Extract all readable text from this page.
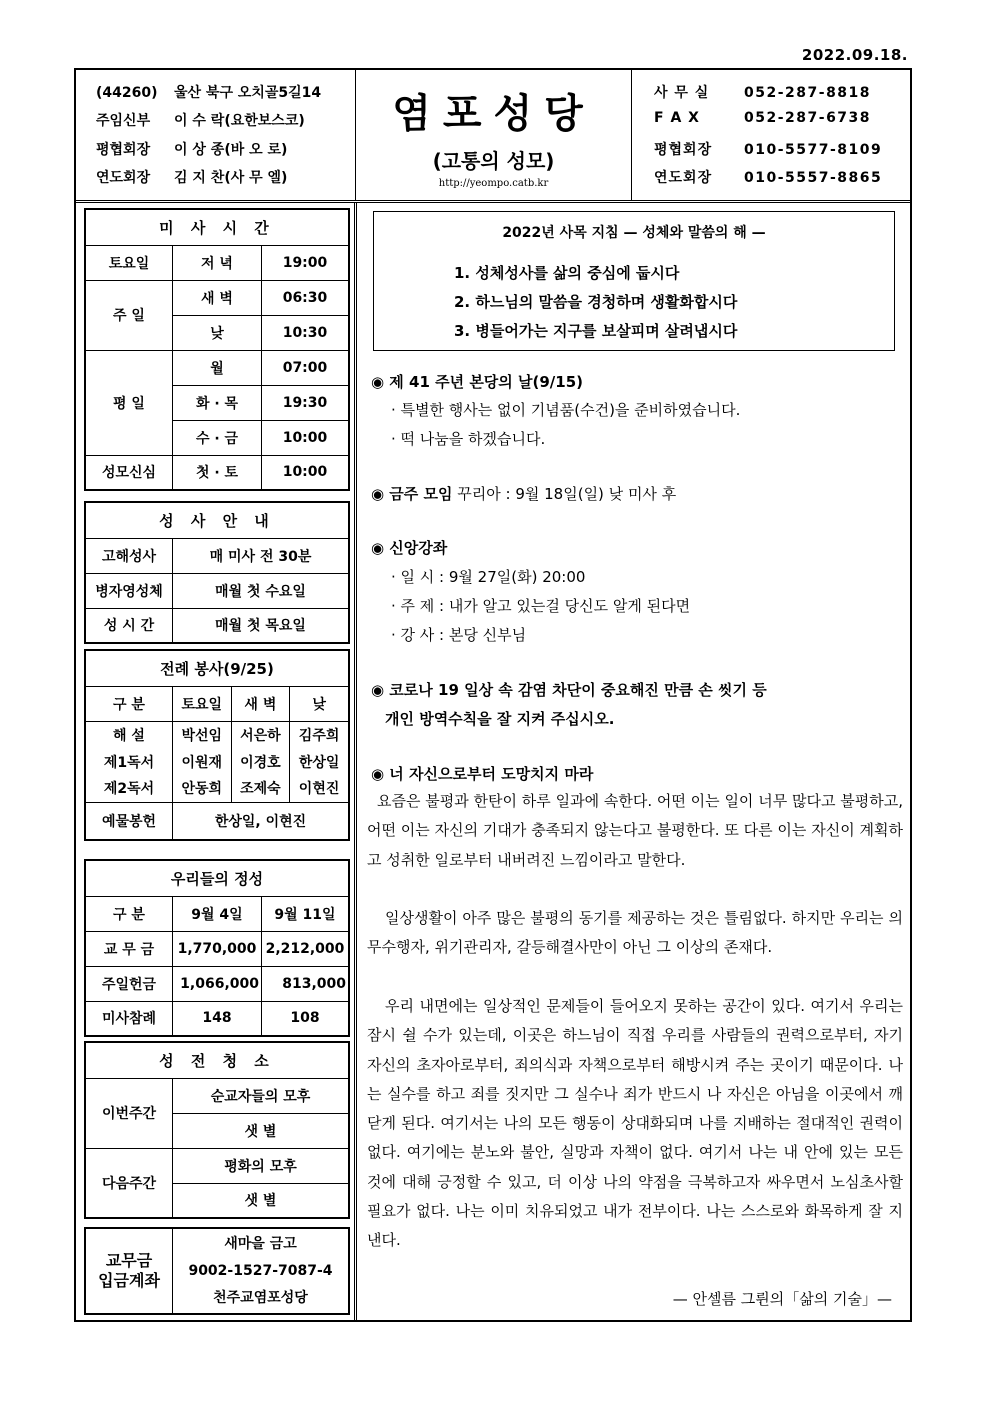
2022.09.18.
(44260) 울산 북구 오치골5길14
주임신부 이 수 락(요한보스코)
평협회장 이 상 종(바 오 로)
연도회장 김 지 찬(사 무 엘)
염포성당
(고통의 성모)
http://yeompo.catb.kr
사 무 실 052-287-8818
F A X	052-287-6738
평협회장 010-5577-8109
연도회장 010-5557-8865
미 사 시 간		
토요일	저 녁	19:00
주 일	새 벽	06:30
	낮	10:30
평 일	월	07:00
	화 · 목	19:30
	수 · 금	10:00
성모신심	첫 · 토	10:00
성 사 안 내	
고해성사	매 미사 전 30분
병자영성체	매월 첫 수요일
성 시 간	매월 첫 목요일
전례 봉사(9/25)			
구 분	토요일	새 벽	낮
해 설	박선임	서은하	김주희
제1독서	이원재	이경호	한상일
제2독서	안동희	조제숙	이현진
예물봉헌	한상일, 이현진		
우리들의 정성		
구 분	9월 4일	9월 11일
교 무 금	1,770,000	2,212,000
주일헌금	1,066,000	813,000
미사참례	148	108
성 전 청 소	
이번주간	순교자들의 모후
	샛 별
다음주간	평화의 모후
	샛 별
교무금
입금계좌

새마을 금고
9002-1527-7087-4
천주교염포성당
2022년 사목 지침 — 성체와 말씀의 해 —
1. 성체성사를 삶의 중심에 둡시다
2. 하느님의 말씀을 경청하며 생활화합시다
3. 병들어가는 지구를 보살피며 살려냅시다
◉ 제 41 주년 본당의 날(9/15)
· 특별한 행사는 없이 기념품(수건)을 준비하였습니다.
· 떡 나눔을 하겠습니다.
◉ 금주 모임 꾸리아 : 9월 18일(일) 낮 미사 후
◉ 신앙강좌
· 일 시 : 9월 27일(화) 20:00
· 주 제 : 내가 알고 있는걸 당신도 알게 된다면
· 강 사 : 본당 신부님
◉ 코로나 19 일상 속 감염 차단이 중요해진 만큼 손 씻기 등
개인 방역수칙을 잘 지켜 주십시오.
◉ 너 자신으로부터 도망치지 마라
요즘은 불평과 한탄이 하루 일과에 속한다. 어떤 이는 일이 너무 많다고 불평하고, 어떤 이는 자신의 기대가 충족되지 않는다고 불평한다. 또 다른 이는 자신이 계획하고 성취한 일로부터 내버려진 느낌이라고 말한다.
일상생활이 아주 많은 불평의 동기를 제공하는 것은 틀림없다. 하지만 우리는 의무수행자, 위기관리자, 갈등해결사만이 아닌 그 이상의 존재다.
우리 내면에는 일상적인 문제들이 들어오지 못하는 공간이 있다. 여기서 우리는 잠시 쉴 수가 있는데, 이곳은 하느님이 직접 우리를 사람들의 권력으로부터, 자기 자신의 초자아로부터, 죄의식과 자책으로부터 해방시켜 주는 곳이기 때문이다. 나는 실수를 하고 죄를 짓지만 그 실수나 죄가 반드시 나 자신은 아님을 이곳에서 깨닫게 된다. 여기서는 나의 모든 행동이 상대화되며 나를 지배하는 절대적인 권력이 없다. 여기에는 분노와 불안, 실망과 자책이 없다. 여기서 나는 내 안에 있는 모든 것에 대해 긍정할 수 있고, 더 이상 나의 약점을 극복하고자 싸우면서 노심초사할 필요가 없다. 나는 이미 치유되었고 내가 전부이다. 나는 스스로와 화목하게 잘 지낸다.
— 안셀름 그륀의「삶의 기술」—
